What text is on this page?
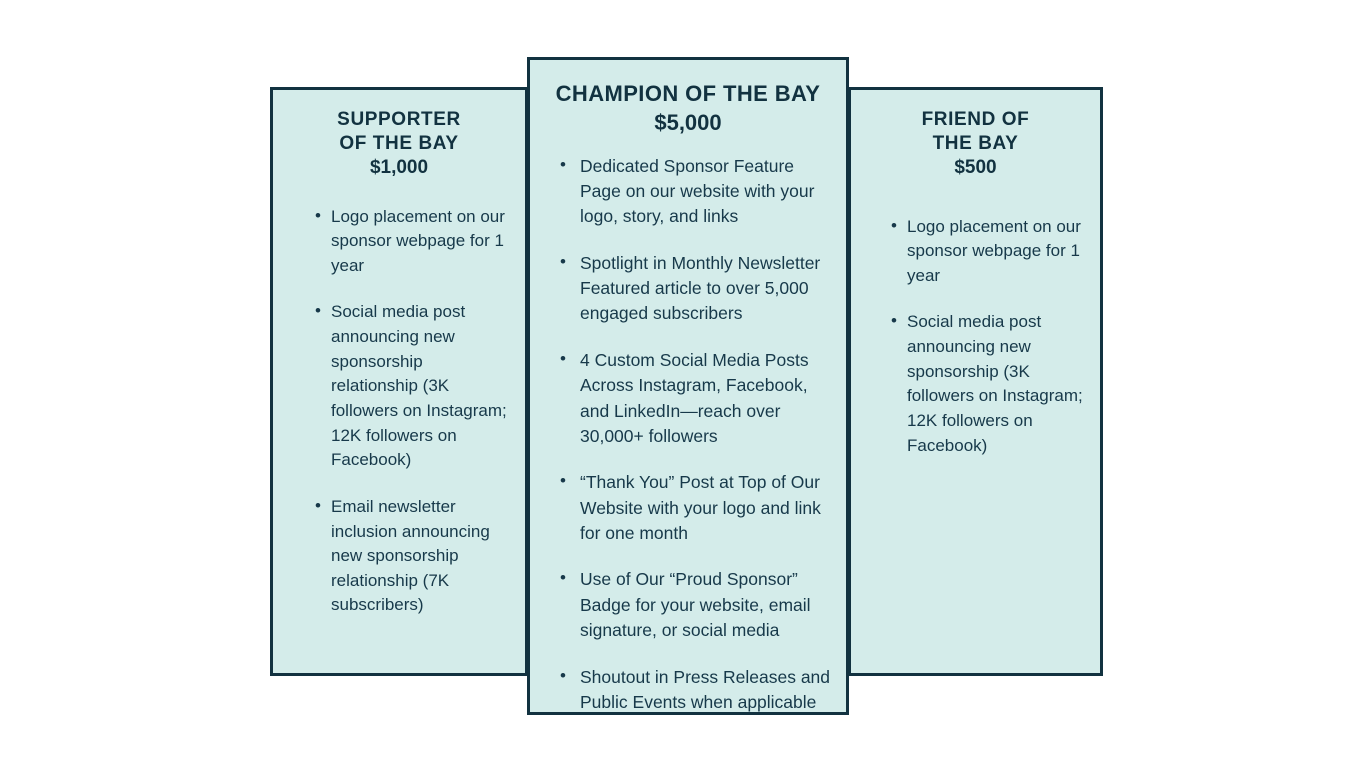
SUPPORTER
OF THE BAY
$1,000
• Logo placement on our sponsor webpage for 1 year
• Social media post announcing new sponsorship relationship (3K followers on Instagram; 12K followers on Facebook)
• Email newsletter inclusion announcing new sponsorship relationship (7K subscribers)
CHAMPION OF THE BAY
$5,000
• Dedicated Sponsor Feature Page on our website with your logo, story, and links
• Spotlight in Monthly Newsletter Featured article to over 5,000 engaged subscribers
• 4 Custom Social Media Posts Across Instagram, Facebook, and LinkedIn—reach over 30,000+ followers
• “Thank You” Post at Top of Our Website with your logo and link for one month
• Use of Our “Proud Sponsor” Badge for your website, email signature, or social media
• Shoutout in Press Releases and Public Events when applicable
FRIEND OF
THE BAY
$500
• Logo placement on our sponsor webpage for 1 year
• Social media post announcing new sponsorship (3K followers on Instagram; 12K followers on Facebook)
